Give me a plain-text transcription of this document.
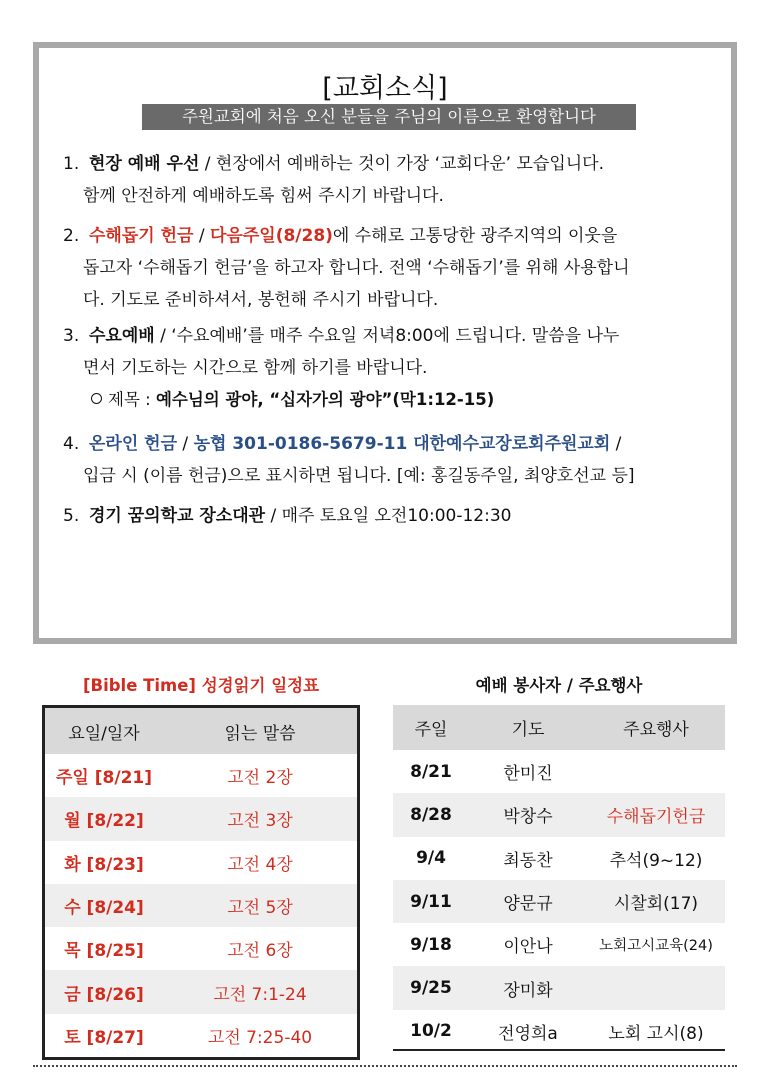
[교회소식]
주원교회에 처음 오신 분들을 주님의 이름으로 환영합니다
1. 현장 예배 우선 / 현장에서 예배하는 것이 가장 ‘교회다운’ 모습입니다.
함께 안전하게 예배하도록 힘써 주시기 바랍니다.
2. 수해돕기 헌금 / 다음주일(8/28)에 수해로 고통당한 광주지역의 이웃을
돕고자 ‘수해돕기 헌금’을 하고자 합니다. 전액 ‘수해돕기’를 위해 사용합니
다. 기도로 준비하셔서, 봉헌해 주시기 바랍니다.
3. 수요예배 / ‘수요예배’를 매주 수요일 저녁8:00에 드립니다. 말씀을 나누
면서 기도하는 시간으로 함께 하기를 바랍니다.
제목 : 예수님의 광야, “십자가의 광야”(막1:12-15)
4. 온라인 헌금 / 농협 301-0186-5679-11 대한예수교장로회주원교회 /
입금 시 (이름 헌금)으로 표시하면 됩니다. [예: 홍길동주일, 최양호선교 등]
5. 경기 꿈의학교 장소대관 / 매주 토요일 오전10:00-12:30
[Bible Time] 성경읽기 일정표
요일/일자	읽는 말씀
주일 [8/21]	고전 2장
월 [8/22]	고전 3장
화 [8/23]	고전 4장
수 [8/24]	고전 5장
목 [8/25]	고전 6장
금 [8/26]	고전 7:1-24
토 [8/27]	고전 7:25-40
예배 봉사자 / 주요행사
주일	기도	주요행사
8/21	한미진	
8/28	박창수	수해돕기헌금
9/4	최동찬	추석(9~12)
9/11	양문규	시찰회(17)
9/18	이안나	노회고시교육(24)
9/25	장미화	
10/2	전영희a	노회 고시(8)
